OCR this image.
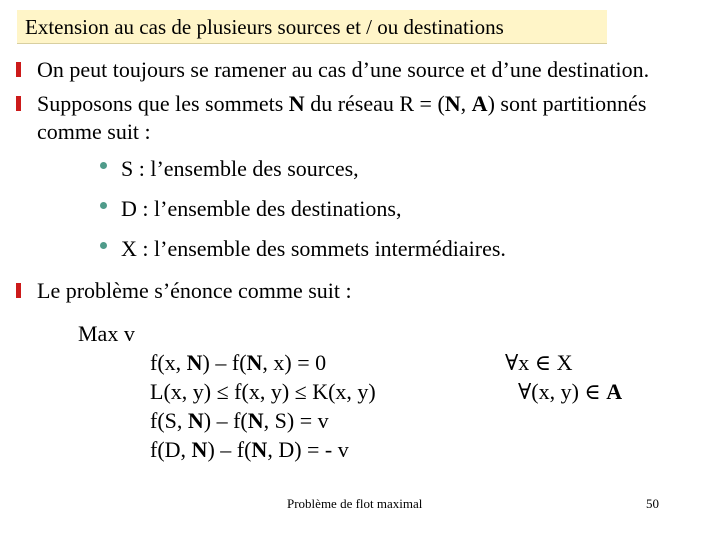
Extension au cas de plusieurs sources et / ou destinations
On peut toujours se ramener au cas d’une source et d’une destination.
Supposons que les sommets N du réseau R = (N, A) sont partitionnés
comme suit :
S : l’ensemble des sources,
D : l’ensemble des destinations,
X : l’ensemble des sommets intermédiaires.
Le problème s’énonce comme suit :
Max v
f(x, N) – f(N, x) = 0	∀x ∈ X
L(x, y) ≤ f(x, y) ≤ K(x, y)	∀(x, y) ∈ A
f(S, N) – f(N, S) = v
f(D, N) – f(N, D) = - v
Problème de flot maximal	50
